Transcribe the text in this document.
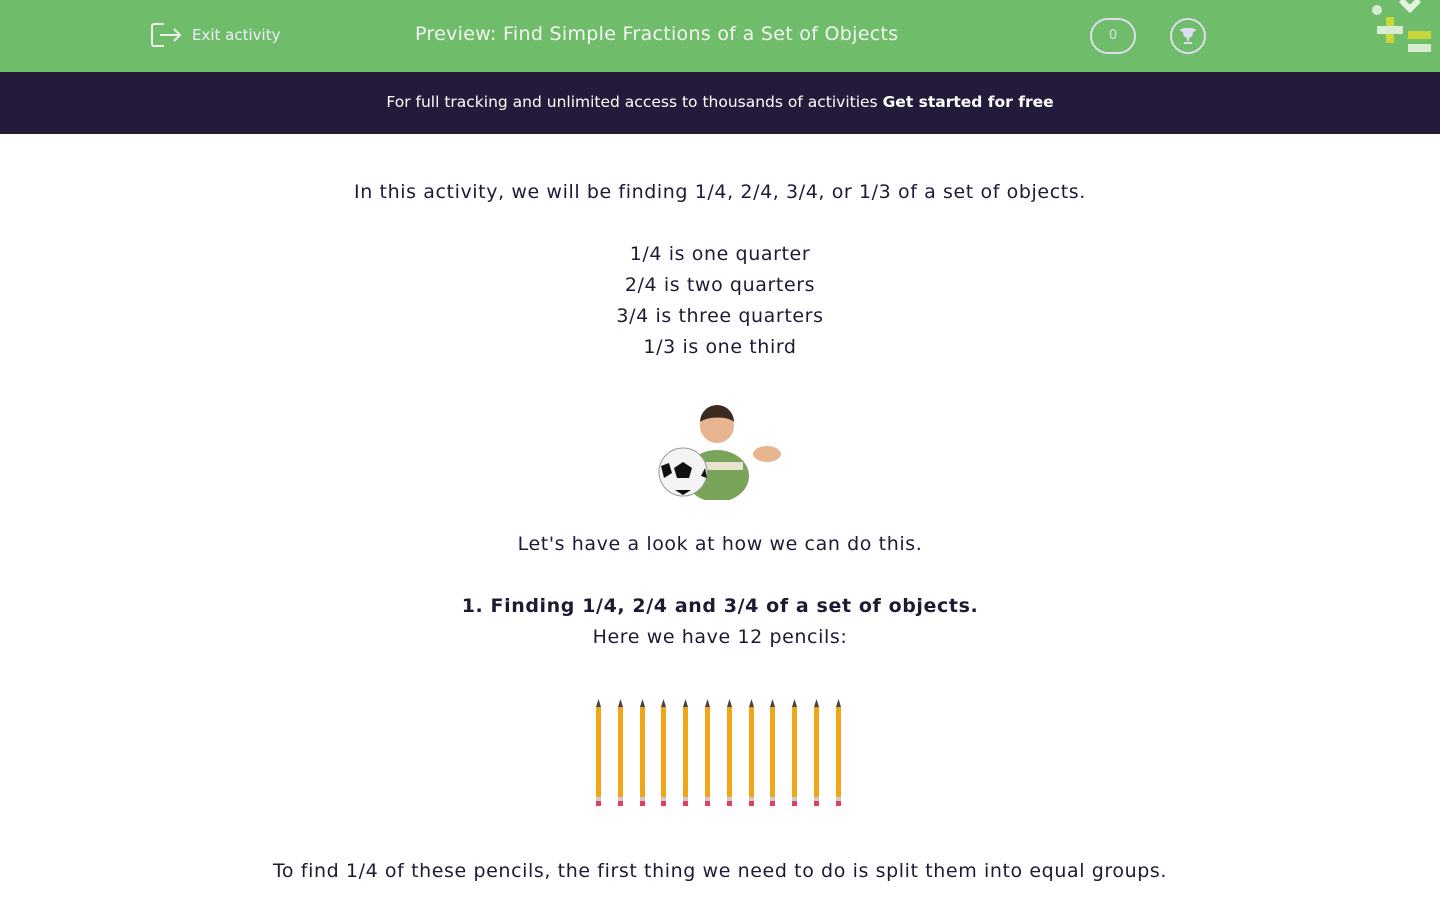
Exit activity	Preview: Find Simple Fractions of a Set of Objects	0
For full tracking and unlimited access to thousands of activities Get started for free
In this activity, we will be finding 1/4, 2/4, 3/4, or 1/3 of a set of objects.
1/4 is one quarter
2/4 is two quarters
3/4 is three quarters
1/3 is one third
Let's have a look at how we can do this.
1. Finding 1/4, 2/4 and 3/4 of a set of objects.
Here we have 12 pencils:
To find 1/4 of these pencils, the first thing we need to do is split them into equal groups.
